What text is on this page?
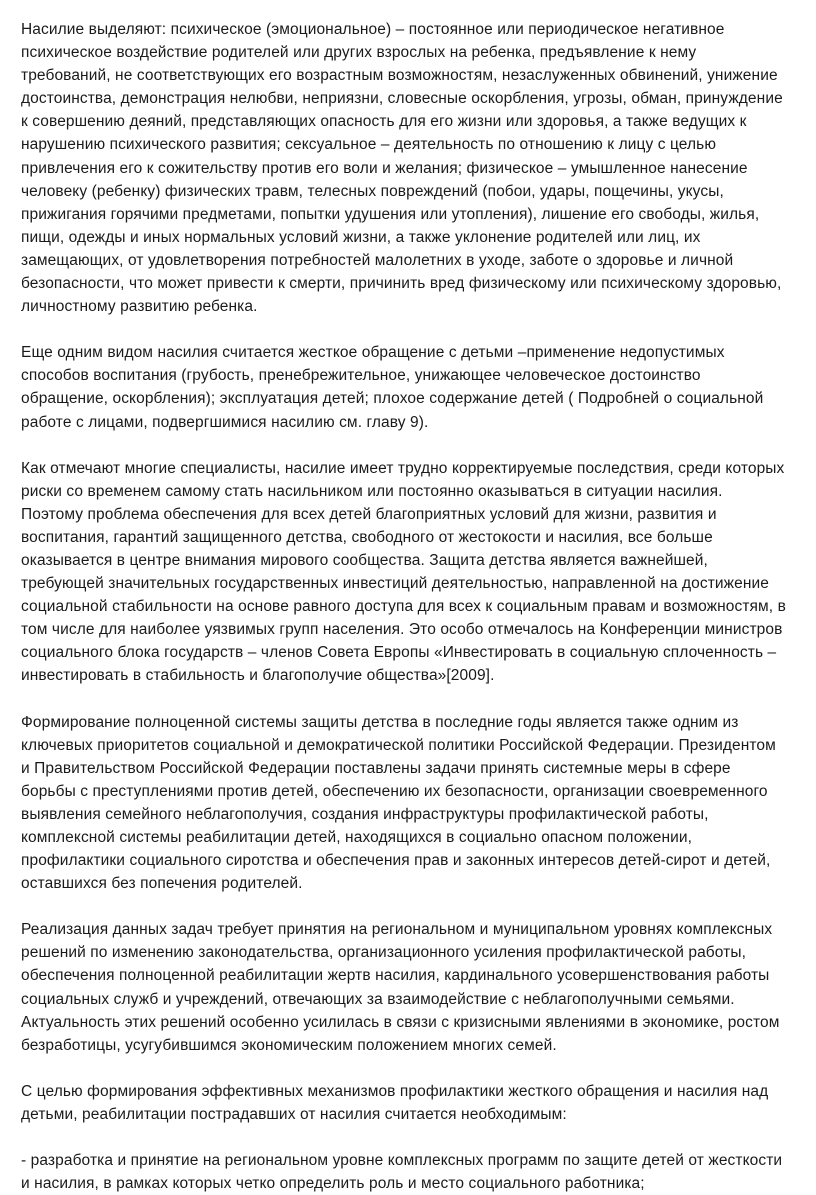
Насилие выделяют: психическое (эмоциональное) – постоянное или периодическое негативное психическое воздействие родителей или других взрослых на ребенка, предъявление к нему требований, не соответствующих его возрастным возможностям, незаслуженных обвинений, унижение достоинства, демонстрация нелюбви, неприязни, словесные оскорбления, угрозы, обман, принуждение к совершению деяний, представляющих опасность для его жизни или здоровья, а также ведущих к нарушению психического развития; сексуальное – деятельность по отношению к лицу с целью привлечения его к сожительству против его воли и желания; физическое – умышленное нанесение человеку (ребенку) физических травм, телесных повреждений (побои, удары, пощечины, укусы, прижигания горячими предметами, попытки удушения или утопления), лишение его свободы, жилья, пищи, одежды и иных нормальных условий жизни, а также уклонение родителей или лиц, их замещающих, от удовлетворения потребностей малолетних в уходе, заботе о здоровье и личной безопасности, что может привести к смерти, причинить вред физическому или психическому здоровью, личностному развитию ребенка.

Еще одним видом насилия считается жесткое обращение с детьми –применение недопустимых способов воспитания (грубость, пренебрежительное, унижающее человеческое достоинство обращение, оскорбления); эксплуатация детей; плохое содержание детей ( Подробней о социальной работе с лицами, подвергшимися насилию см. главу 9).

Как отмечают многие специалисты, насилие имеет трудно корректируемые последствия, среди которых риски со временем самому стать насильником или постоянно оказываться в ситуации насилия. Поэтому проблема обеспечения для всех детей благоприятных условий для жизни, развития и воспитания, гарантий защищенного детства, свободного от жестокости и насилия, все больше оказывается в центре внимания мирового сообщества. Защита детства является важнейшей, требующей значительных государственных инвестиций деятельностью, направленной на достижение социальной стабильности на основе равного доступа для всех к социальным правам и возможностям, в том числе для наиболее уязвимых групп населения. Это особо отмечалось на Конференции министров социального блока государств – членов Совета Европы «Инвестировать в социальную сплоченность – инвестировать в стабильность и благополучие общества»[2009].

Формирование полноценной системы защиты детства в последние годы является также одним из ключевых приоритетов социальной и демократической политики Российской Федерации. Президентом и Правительством Российской Федерации поставлены задачи принять системные меры в сфере борьбы с преступлениями против детей, обеспечению их безопасности, организации своевременного выявления семейного неблагополучия, создания инфраструктуры профилактической работы, комплексной системы реабилитации детей, находящихся в социально опасном положении, профилактики социального сиротства и обеспечения прав и законных интересов детей-сирот и детей, оставшихся без попечения родителей.

Реализация данных задач требует принятия на региональном и муниципальном уровнях комплексных решений по изменению законодательства, организационного усиления профилактической работы, обеспечения полноценной реабилитации жертв насилия, кардинального усовершенствования работы социальных служб и учреждений, отвечающих за взаимодействие с неблагополучными семьями. Актуальность этих решений особенно усилилась в связи с кризисными явлениями в экономике, ростом безработицы, усугубившимся экономическим положением многих семей.

С целью формирования эффективных механизмов профилактики жесткого обращения и насилия над детьми, реабилитации пострадавших от насилия считается необходимым:

- разработка и принятие на региональном уровне комплексных программ по защите детей от жесткости и насилия, в рамках которых четко определить роль и место социального работника;
